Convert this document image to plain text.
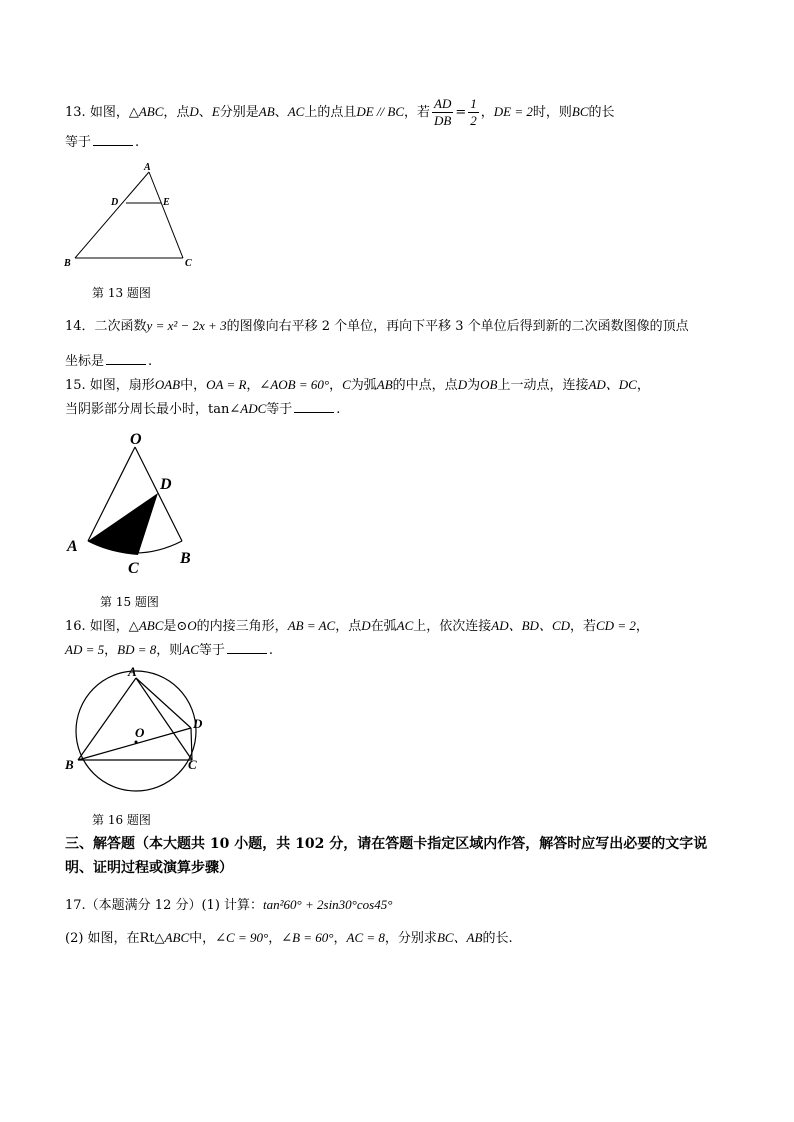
13. 如图，△ABC，点D、E分别是AB、AC上的点且DE // BC，若 $\frac{AD}{DB} = \frac{1}{2}$ ，DE = 2时，则BC的长
等于	.
A
D	E
B	C
第 13 题图
14．二次函数y = x² − 2x + 3的图像向右平移 2 个单位，再向下平移 3 个单位后得到新的二次函数图像的顶点
坐标是	.
15. 如图，扇形OAB中，OA = R，∠AOB = 60°，C为弧AB的中点，点D为OB上一动点，连接AD、DC，
当阴影部分周长最小时，tan∠ADC等于	.
O
D
A
C
B
第 15 题图
16. 如图，△ABC是⊙O的内接三角形，AB = AC，点D在弧AC上，依次连接AD、BD、CD，若CD = 2，
AD = 5，BD = 8，则AC等于	.
A
O
D
B	C
第 16 题图
三、解答题（本大题共 10 小题，共 102 分，请在答题卡指定区域内作答，解答时应写出必要的文字说明、证明过程或演算步骤）
17.（本题满分 12 分）(1) 计算：tan²60° + 2sin30°cos45°
(2) 如图，在Rt△ABC中，∠C = 90°，∠B = 60°，AC = 8，分别求BC、AB的长.
